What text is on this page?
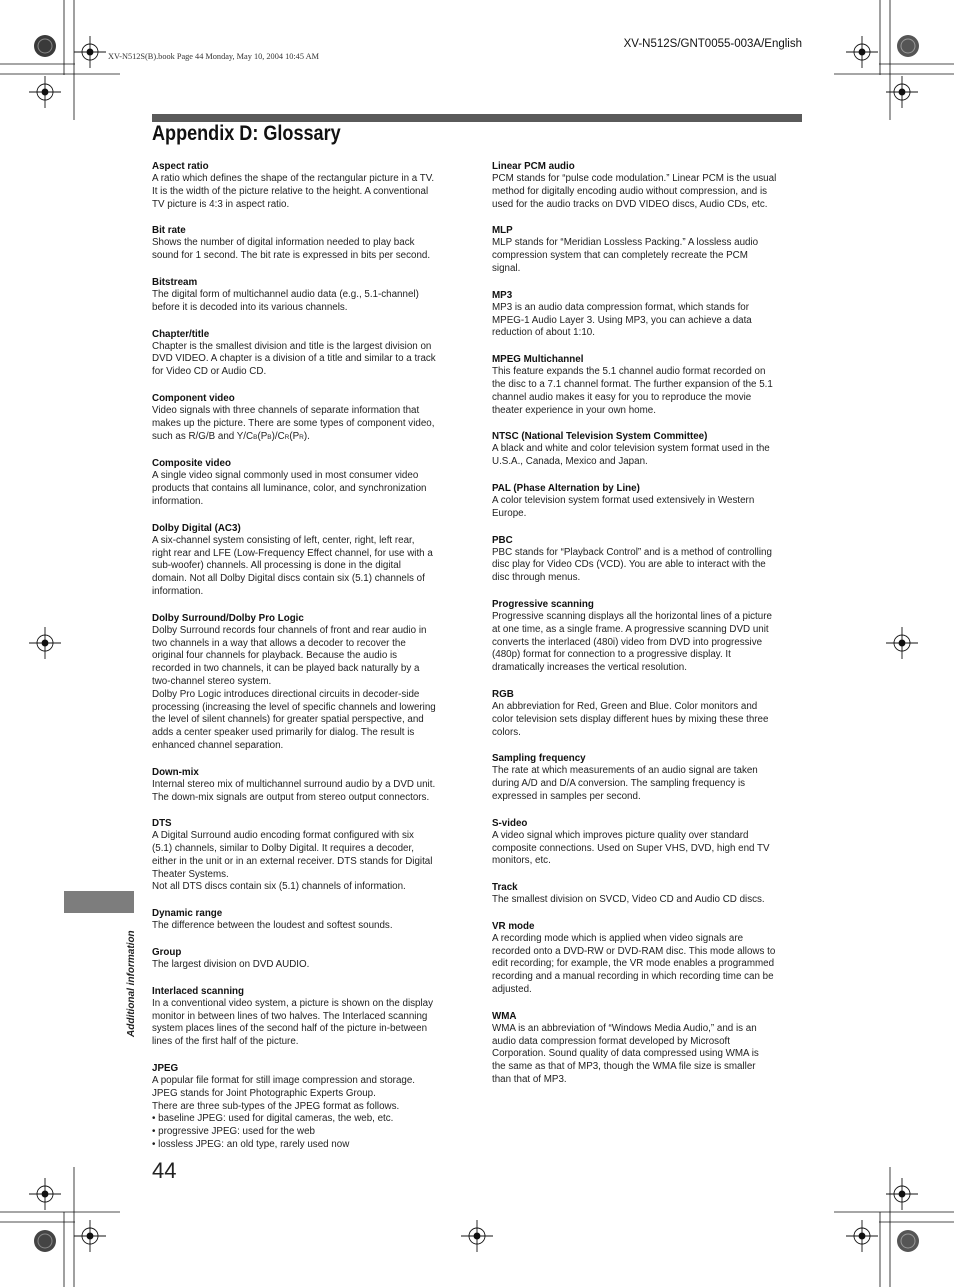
XV-N512S(B).book Page 44 Monday, May 10, 2004 10:45 AM
XV-N512S/GNT0055-003A/English
Appendix D: Glossary
Aspect ratio
A ratio which defines the shape of the rectangular picture in a TV.
It is the width of the picture relative to the height. A conventional
TV picture is 4:3 in aspect ratio.
Bit rate
Shows the number of digital information needed to play back
sound for 1 second. The bit rate is expressed in bits per second.
Bitstream
The digital form of multichannel audio data (e.g., 5.1-channel)
before it is decoded into its various channels.
Chapter/title
Chapter is the smallest division and title is the largest division on
DVD VIDEO. A chapter is a division of a title and similar to a track
for Video CD or Audio CD.
Component video
Video signals with three channels of separate information that
makes up the picture. There are some types of component video,
such as R/G/B and Y/CB(PB)/CR(PR).
Composite video
A single video signal commonly used in most consumer video
products that contains all luminance, color, and synchronization
information.
Dolby Digital (AC3)
A six-channel system consisting of left, center, right, left rear,
right rear and LFE (Low-Frequency Effect channel, for use with a
sub-woofer) channels. All processing is done in the digital
domain. Not all Dolby Digital discs contain six (5.1) channels of
information.
Dolby Surround/Dolby Pro Logic
Dolby Surround records four channels of front and rear audio in
two channels in a way that allows a decoder to recover the
original four channels for playback. Because the audio is
recorded in two channels, it can be played back naturally by a
two-channel stereo system.
Dolby Pro Logic introduces directional circuits in decoder-side
processing (increasing the level of specific channels and lowering
the level of silent channels) for greater spatial perspective, and
adds a center speaker used primarily for dialog. The result is
enhanced channel separation.
Down-mix
Internal stereo mix of multichannel surround audio by a DVD unit.
The down-mix signals are output from stereo output connectors.
DTS
A Digital Surround audio encoding format configured with six
(5.1) channels, similar to Dolby Digital. It requires a decoder,
either in the unit or in an external receiver. DTS stands for Digital
Theater Systems.
Not all DTS discs contain six (5.1) channels of information.
Dynamic range
The difference between the loudest and softest sounds.
Group
The largest division on DVD AUDIO.
Interlaced scanning
In a conventional video system, a picture is shown on the display
monitor in between lines of two halves. The Interlaced scanning
system places lines of the second half of the picture in-between
lines of the first half of the picture.
JPEG
A popular file format for still image compression and storage.
JPEG stands for Joint Photographic Experts Group.
There are three sub-types of the JPEG format as follows.
• baseline JPEG: used for digital cameras, the web, etc.
• progressive JPEG: used for the web
• lossless JPEG: an old type, rarely used now
Linear PCM audio
PCM stands for “pulse code modulation.” Linear PCM is the usual
method for digitally encoding audio without compression, and is
used for the audio tracks on DVD VIDEO discs, Audio CDs, etc.
MLP
MLP stands for “Meridian Lossless Packing.” A lossless audio
compression system that can completely recreate the PCM
signal.
MP3
MP3 is an audio data compression format, which stands for
MPEG-1 Audio Layer 3. Using MP3, you can achieve a data
reduction of about 1:10.
MPEG Multichannel
This feature expands the 5.1 channel audio format recorded on
the disc to a 7.1 channel format. The further expansion of the 5.1
channel audio makes it easy for you to reproduce the movie
theater experience in your own home.
NTSC (National Television System Committee)
A black and white and color television system format used in the
U.S.A., Canada, Mexico and Japan.
PAL (Phase Alternation by Line)
A color television system format used extensively in Western
Europe.
PBC
PBC stands for “Playback Control” and is a method of controlling
disc play for Video CDs (VCD). You are able to interact with the
disc through menus.
Progressive scanning
Progressive scanning displays all the horizontal lines of a picture
at one time, as a single frame. A progressive scanning DVD unit
converts the interlaced (480i) video from DVD into progressive
(480p) format for connection to a progressive display. It
dramatically increases the vertical resolution.
RGB
An abbreviation for Red, Green and Blue. Color monitors and
color television sets display different hues by mixing these three
colors.
Sampling frequency
The rate at which measurements of an audio signal are taken
during A/D and D/A conversion. The sampling frequency is
expressed in samples per second.
S-video
A video signal which improves picture quality over standard
composite connections. Used on Super VHS, DVD, high end TV
monitors, etc.
Track
The smallest division on SVCD, Video CD and Audio CD discs.
VR mode
A recording mode which is applied when video signals are
recorded onto a DVD-RW or DVD-RAM disc. This mode allows to
edit recording; for example, the VR mode enables a programmed
recording and a manual recording in which recording time can be
adjusted.
WMA
WMA is an abbreviation of “Windows Media Audio,” and is an
audio data compression format developed by Microsoft
Corporation. Sound quality of data compressed using WMA is
the same as that of MP3, though the WMA file size is smaller
than that of MP3.
Additional information
44
